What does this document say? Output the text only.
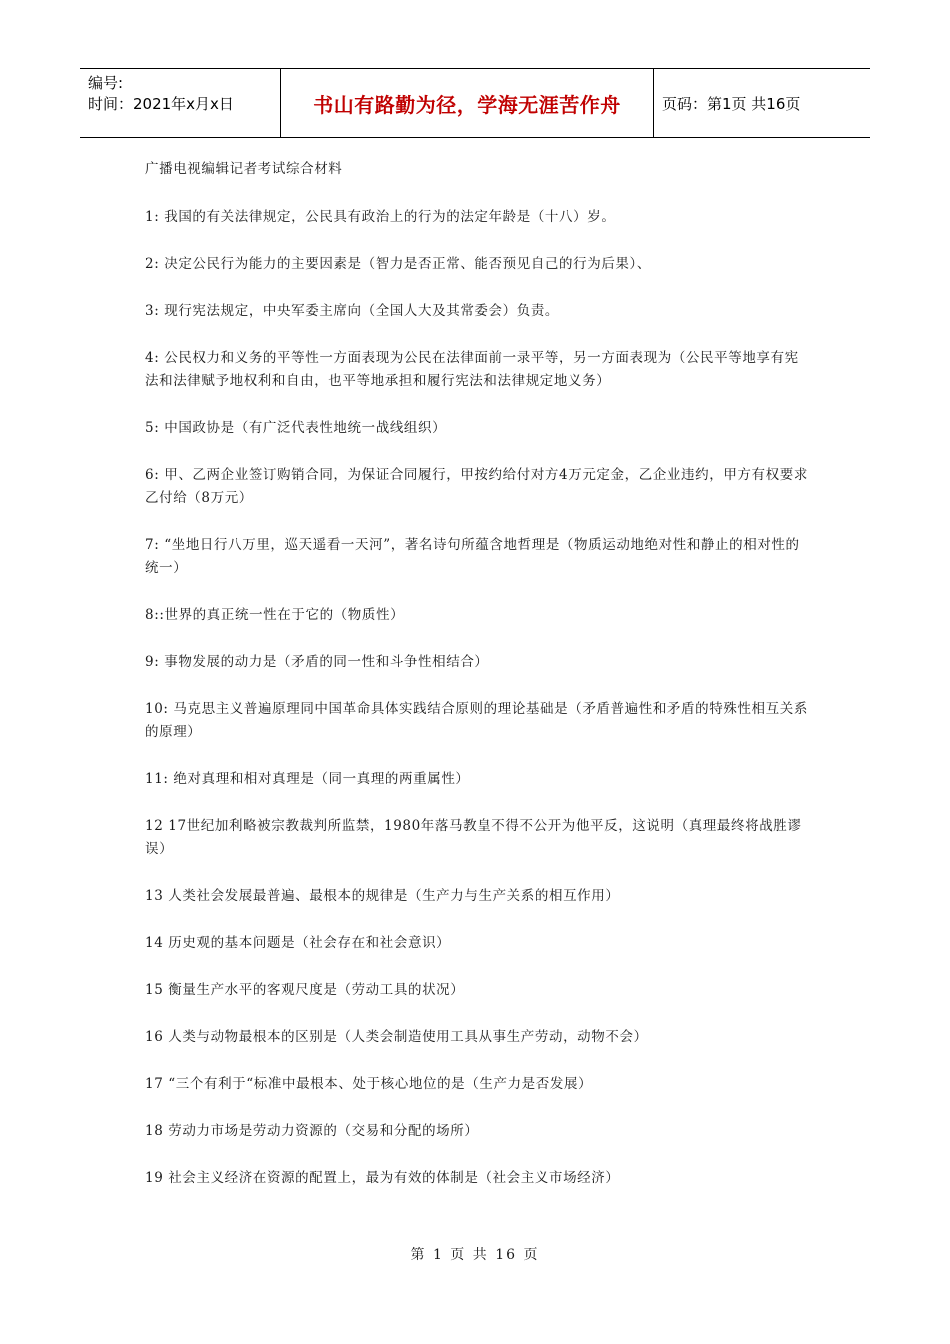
编号:
时间：2021年x月x日	书山有路勤为径，学海无涯苦作舟	页码：第1页 共16页

广播电视编辑记者考试综合材料

1: 我国的有关法律规定，公民具有政治上的行为的法定年龄是（十八）岁。

2: 决定公民行为能力的主要因素是（智力是否正常、能否预见自己的行为后果）、

3: 现行宪法规定，中央军委主席向（全国人大及其常委会）负责。

4: 公民权力和义务的平等性一方面表现为公民在法律面前一录平等，另一方面表现为（公民平等地享有宪法和法律赋予地权利和自由，也平等地承担和履行宪法和法律规定地义务）

5: 中国政协是（有广泛代表性地统一战线组织）

6: 甲、乙两企业签订购销合同，为保证合同履行，甲按约给付对方4万元定金，乙企业违约，甲方有权要求乙付给（8万元）

7: “坐地日行八万里，巡天遥看一天河”，著名诗句所蕴含地哲理是（物质运动地绝对性和静止的相对性的统一）

8::世界的真正统一性在于它的（物质性）

9: 事物发展的动力是（矛盾的同一性和斗争性相结合）

10: 马克思主义普遍原理同中国革命具体实践结合原则的理论基础是（矛盾普遍性和矛盾的特殊性相互关系的原理）

11: 绝对真理和相对真理是（同一真理的两重属性）

12 17世纪加利略被宗教裁判所监禁，1980年落马教皇不得不公开为他平反，这说明（真理最终将战胜谬误）

13 人类社会发展最普遍、最根本的规律是（生产力与生产关系的相互作用）

14 历史观的基本问题是（社会存在和社会意识）

15 衡量生产水平的客观尺度是（劳动工具的状况）

16 人类与动物最根本的区别是（人类会制造使用工具从事生产劳动，动物不会）

17 “三个有利于“标准中最根本、处于核心地位的是（生产力是否发展）

18 劳动力市场是劳动力资源的（交易和分配的场所）

19 社会主义经济在资源的配置上，最为有效的体制是（社会主义市场经济）

第 1 页 共 16 页
